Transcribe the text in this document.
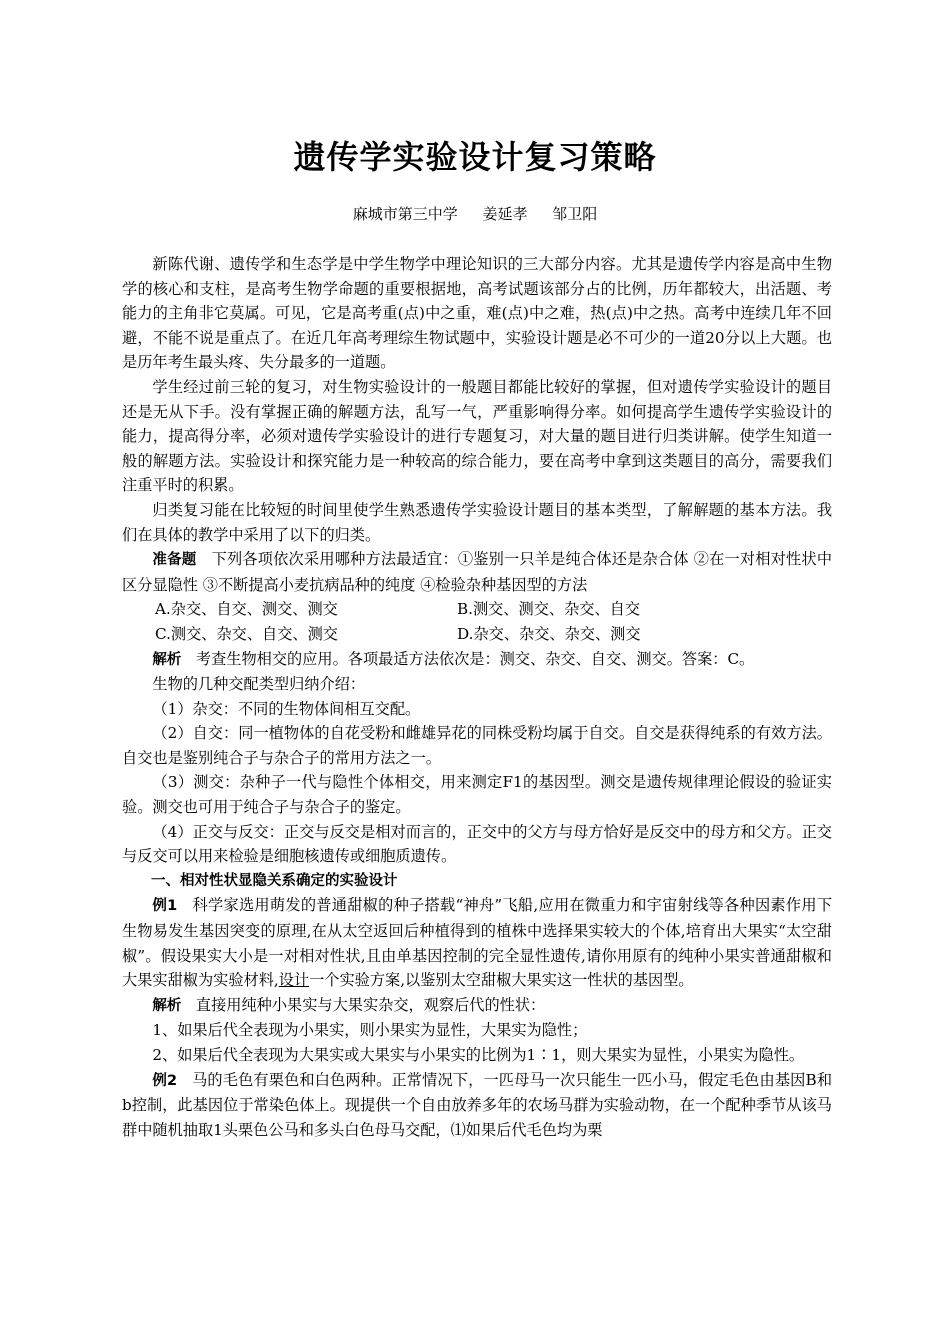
遗传学实验设计复习策略
麻城市第三中学 姜延孝 邹卫阳

新陈代谢、遗传学和生态学是中学生物学中理论知识的三大部分内容。尤其是遗传学内容是高中生物学的核心和支柱，是高考生物学命题的重要根据地，高考试题该部分占的比例，历年都较大，出活题、考能力的主角非它莫属。可见，它是高考重(点)中之重，难(点)中之难，热(点)中之热。高考中连续几年不回避，不能不说是重点了。在近几年高考理综生物试题中，实验设计题是必不可少的一道20分以上大题。也是历年考生最头疼、失分最多的一道题。

学生经过前三轮的复习，对生物实验设计的一般题目都能比较好的掌握，但对遗传学实验设计的题目还是无从下手。没有掌握正确的解题方法，乱写一气，严重影响得分率。如何提高学生遗传学实验设计的能力，提高得分率，必须对遗传学实验设计的进行专题复习，对大量的题目进行归类讲解。使学生知道一般的解题方法。实验设计和探究能力是一种较高的综合能力，要在高考中拿到这类题目的高分，需要我们注重平时的积累。

归类复习能在比较短的时间里使学生熟悉遗传学实验设计题目的基本类型，了解解题的基本方法。我们在具体的教学中采用了以下的归类。

准备题 下列各项依次采用哪种方法最适宜：①鉴别一只羊是纯合体还是杂合体 ②在一对相对性状中区分显隐性 ③不断提高小麦抗病品种的纯度 ④检验杂种基因型的方法

A.杂交、自交、测交、测交	B.测交、测交、杂交、自交
C.测交、杂交、自交、测交	D.杂交、杂交、杂交、测交

解析 考查生物相交的应用。各项最适方法依次是：测交、杂交、自交、测交。答案：C。

生物的几种交配类型归纳介绍：

（1）杂交：不同的生物体间相互交配。

（2）自交：同一植物体的自花受粉和雌雄异花的同株受粉均属于自交。自交是获得纯系的有效方法。自交也是鉴别纯合子与杂合子的常用方法之一。

（3）测交：杂种子一代与隐性个体相交，用来测定F1的基因型。测交是遗传规律理论假设的验证实验。测交也可用于纯合子与杂合子的鉴定。

（4）正交与反交：正交与反交是相对而言的，正交中的父方与母方恰好是反交中的母方和父方。正交与反交可以用来检验是细胞核遗传或细胞质遗传。

一、相对性状显隐关系确定的实验设计

例1 科学家选用萌发的普通甜椒的种子搭载“神舟”飞船,应用在微重力和宇宙射线等各种因素作用下生物易发生基因突变的原理,在从太空返回后种植得到的植株中选择果实较大的个体,培育出大果实“太空甜椒”。假设果实大小是一对相对性状,且由单基因控制的完全显性遗传,请你用原有的纯种小果实普通甜椒和大果实甜椒为实验材料,设计一个实验方案,以鉴别太空甜椒大果实这一性状的基因型。

解析 直接用纯种小果实与大果实杂交，观察后代的性状：

1、如果后代全表现为小果实，则小果实为显性，大果实为隐性；

2、如果后代全表现为大果实或大果实与小果实的比例为1∶1，则大果实为显性，小果实为隐性。

例2 马的毛色有栗色和白色两种。正常情况下，一匹母马一次只能生一匹小马，假定毛色由基因B和b控制，此基因位于常染色体上。现提供一个自由放养多年的农场马群为实验动物，在一个配种季节从该马群中随机抽取1头栗色公马和多头白色母马交配，⑴如果后代毛色均为栗
